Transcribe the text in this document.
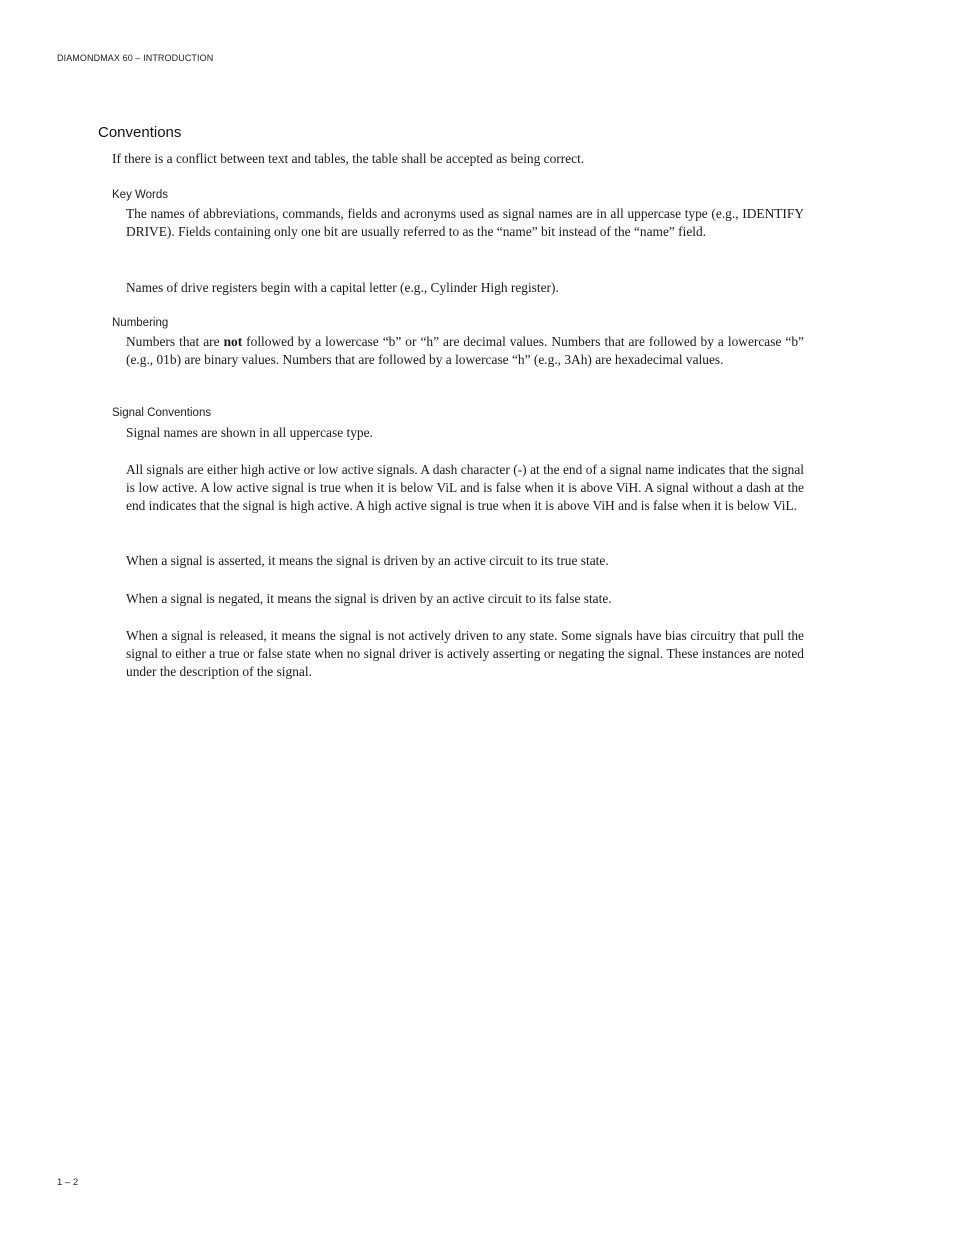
DIAMONDMAX 60 – INTRODUCTION
Conventions

If there is a conflict between text and tables, the table shall be accepted as being correct.

Key Words

The names of abbreviations, commands, fields and acronyms used as signal names are in all uppercase type (e.g., IDENTIFY DRIVE). Fields containing only one bit are usually referred to as the “name” bit instead of the “name” field.

Names of drive registers begin with a capital letter (e.g., Cylinder High register).

Numbering

Numbers that are not followed by a lowercase “b” or “h” are decimal values. Numbers that are followed by a lowercase “b” (e.g., 01b) are binary values. Numbers that are followed by a lowercase “h” (e.g., 3Ah) are hexadecimal values.

Signal Conventions

Signal names are shown in all uppercase type.

All signals are either high active or low active signals. A dash character (-) at the end of a signal name indicates that the signal is low active. A low active signal is true when it is below ViL and is false when it is above ViH. A signal without a dash at the end indicates that the signal is high active. A high active signal is true when it is above ViH and is false when it is below ViL.

When a signal is asserted, it means the signal is driven by an active circuit to its true state.

When a signal is negated, it means the signal is driven by an active circuit to its false state.

When a signal is released, it means the signal is not actively driven to any state. Some signals have bias circuitry that pull the signal to either a true or false state when no signal driver is actively asserting or negating the signal. These instances are noted under the description of the signal.

1 – 2
